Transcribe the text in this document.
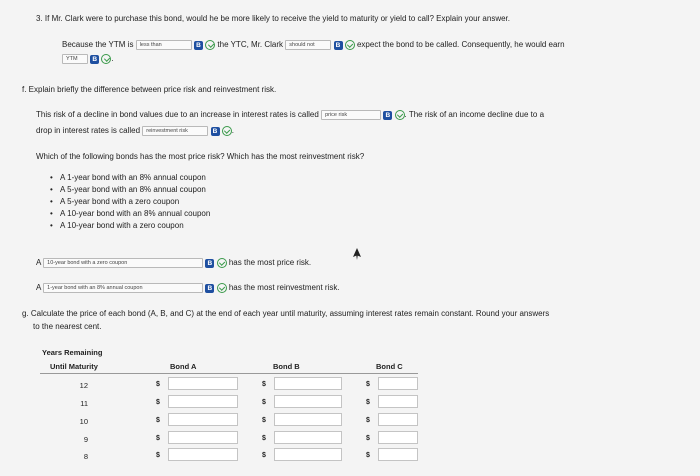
3. If Mr. Clark were to purchase this bond, would he be more likely to receive the yield to maturity or yield to call? Explain your answer.
Because the YTM is less than	B the YTC, Mr. Clark should not	B expect the bond to be called. Consequently, he would earn
YTM B .
f. Explain briefly the difference between price risk and reinvestment risk.
This risk of a decline in bond values due to an increase in interest rates is called price risk	B . The risk of an income decline due to a
drop in interest rates is called reinvestment risk	B .
Which of the following bonds has the most price risk? Which has the most reinvestment risk?
• A 1-year bond with an 8% annual coupon
• A 5-year bond with an 8% annual coupon
• A 5-year bond with a zero coupon
• A 10-year bond with an 8% annual coupon
• A 10-year bond with a zero coupon
A 10-year bond with a zero coupon	B has the most price risk.
A 1-year bond with an 8% annual coupon	B has the most reinvestment risk.
g. Calculate the price of each bond (A, B, and C) at the end of each year until maturity, assuming interest rates remain constant. Round your answers
to the nearest cent.
Years Remaining
Until Maturity	Bond A	Bond B	Bond C
12	$	$	$
11	$	$	$
10	$	$	$
9	$	$	$
8	$	$	$
